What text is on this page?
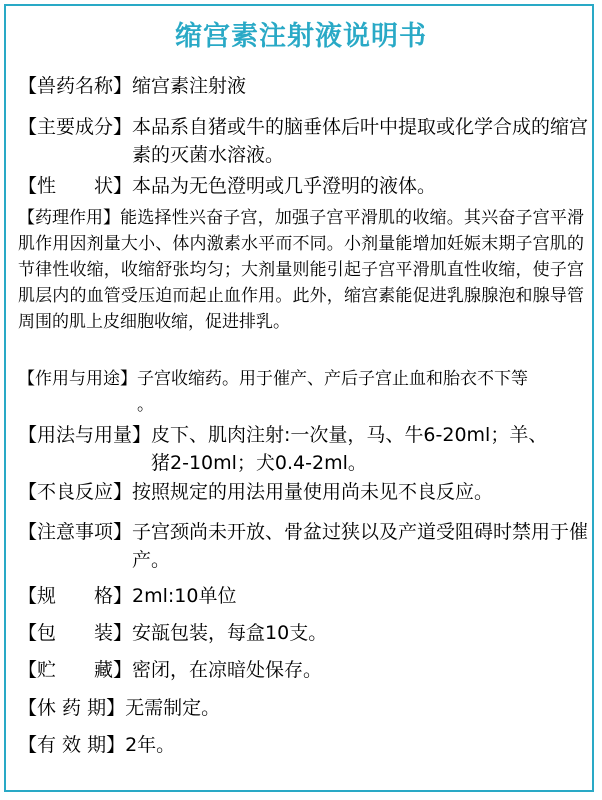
缩宫素注射液说明书
【兽药名称】缩宫素注射液
【主要成分】 本品系自猪或牛的脑垂体后叶中提取或化学合成的缩宫素的灭菌水溶液。
【性　　状】本品为无色澄明或几乎澄明的液体。
【药理作用】能选择性兴奋子宫，加强子宫平滑肌的收缩。其兴奋子宫平滑肌作用因剂量大小、体内激素水平而不同。小剂量能增加妊娠末期子宫肌的节律性收缩，收缩舒张均匀；大剂量则能引起子宫平滑肌直性收缩，使子宫肌层内的血管受压迫而起止血作用。此外，缩宫素能促进乳腺腺泡和腺导管周围的肌上皮细胞收缩，促进排乳。
【作用与用途】 子宫收缩药。用于催产、产后子宫止血和胎衣不下等。
【用法与用量】 皮下、肌肉注射:一次量，马、牛6-20ml；羊、猪2-10ml；犬0.4-2ml。
【不良反应】按照规定的用法用量使用尚未见不良反应。
【注意事项】 子宫颈尚未开放、骨盆过狭以及产道受阻碍时禁用于催产。
【规　　格】2ml:10单位
【包　　装】安瓿包装，每盒10支。
【贮　　藏】密闭，在凉暗处保存。
【休 药 期】无需制定。
【有 效 期】2年。
